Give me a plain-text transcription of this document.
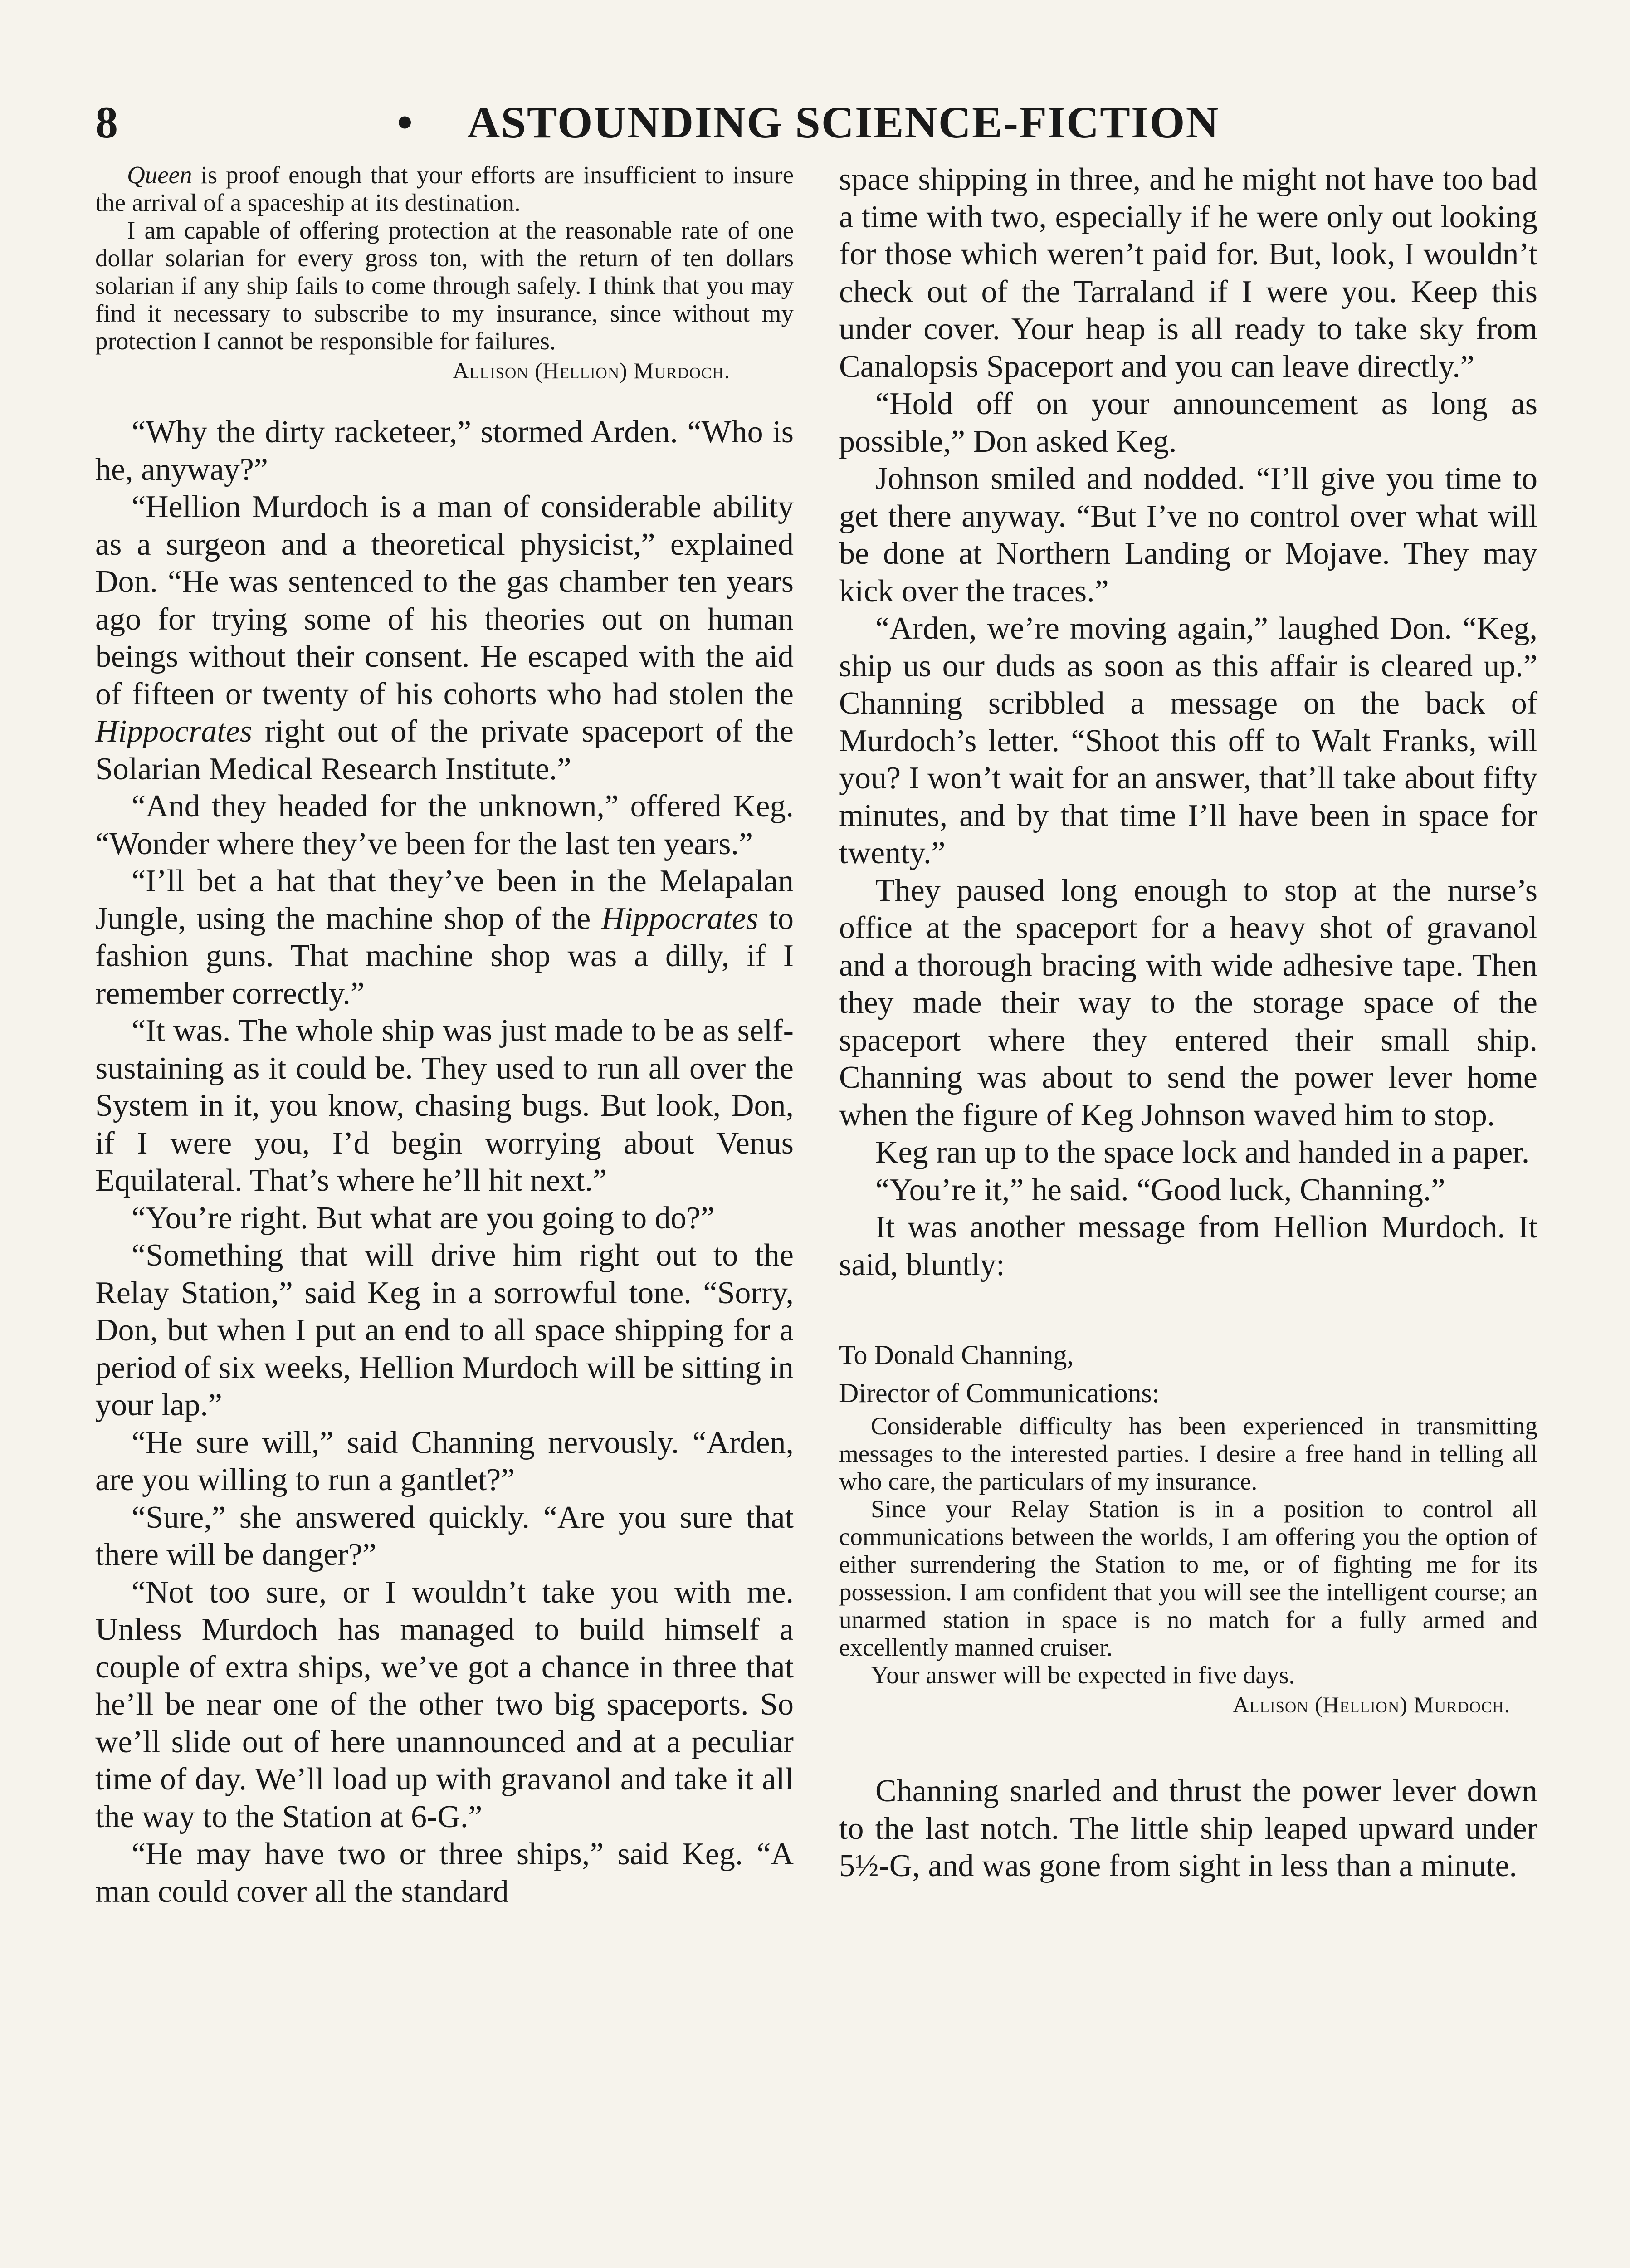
8	• ASTOUNDING SCIENCE-FICTION

Queen is proof enough that your efforts are insufficient to insure the arrival of a spaceship at its destination.

I am capable of offering protection at the reasonable rate of one dollar solarian for every gross ton, with the return of ten dollars solarian if any ship fails to come through safely. I think that you may find it necessary to subscribe to my insurance, since without my protection I cannot be responsible for failures.

Allison (Hellion) Murdoch.

“Why the dirty racketeer,” stormed Arden. “Who is he, anyway?”

“Hellion Murdoch is a man of considerable ability as a surgeon and a theoretical physicist,” explained Don. “He was sentenced to the gas chamber ten years ago for trying some of his theories out on human beings without their consent. He escaped with the aid of fifteen or twenty of his cohorts who had stolen the Hippocrates right out of the private spaceport of the Solarian Medical Research Institute.”

“And they headed for the unknown,” offered Keg. “Wonder where they’ve been for the last ten years.”

“I’ll bet a hat that they’ve been in the Melapalan Jungle, using the machine shop of the Hippocrates to fashion guns. That machine shop was a dilly, if I remember correctly.”

“It was. The whole ship was just made to be as self-sustaining as it could be. They used to run all over the System in it, you know, chasing bugs. But look, Don, if I were you, I’d begin worrying about Venus Equilateral. That’s where he’ll hit next.”

“You’re right. But what are you going to do?”

“Something that will drive him right out to the Relay Station,” said Keg in a sorrowful tone. “Sorry, Don, but when I put an end to all space shipping for a period of six weeks, Hellion Murdoch will be sitting in your lap.”

“He sure will,” said Channing nervously. “Arden, are you willing to run a gantlet?”

“Sure,” she answered quickly. “Are you sure that there will be danger?”

“Not too sure, or I wouldn’t take you with me. Unless Murdoch has managed to build himself a couple of extra ships, we’ve got a chance in three that he’ll be near one of the other two big spaceports. So we’ll slide out of here unannounced and at a peculiar time of day. We’ll load up with gravanol and take it all the way to the Station at 6-G.”

“He may have two or three ships,” said Keg. “A man could cover all the standard

space shipping in three, and he might not have too bad a time with two, especially if he were only out looking for those which weren’t paid for. But, look, I wouldn’t check out of the Tarraland if I were you. Keep this under cover. Your heap is all ready to take sky from Canalopsis Spaceport and you can leave directly.”

“Hold off on your announcement as long as possible,” Don asked Keg.

Johnson smiled and nodded. “I’ll give you time to get there anyway. “But I’ve no control over what will be done at Northern Landing or Mojave. They may kick over the traces.”

“Arden, we’re moving again,” laughed Don. “Keg, ship us our duds as soon as this affair is cleared up.” Channing scribbled a message on the back of Murdoch’s letter. “Shoot this off to Walt Franks, will you? I won’t wait for an answer, that’ll take about fifty minutes, and by that time I’ll have been in space for twenty.”

They paused long enough to stop at the nurse’s office at the spaceport for a heavy shot of gravanol and a thorough bracing with wide adhesive tape. Then they made their way to the storage space of the spaceport where they entered their small ship. Channing was about to send the power lever home when the figure of Keg Johnson waved him to stop.

Keg ran up to the space lock and handed in a paper.

“You’re it,” he said. “Good luck, Channing.”

It was another message from Hellion Murdoch. It said, bluntly:

To Donald Channing,

Director of Communications:

Considerable difficulty has been experienced in transmitting messages to the interested parties. I desire a free hand in telling all who care, the particulars of my insurance.

Since your Relay Station is in a position to control all communications between the worlds, I am offering you the option of either surrendering the Station to me, or of fighting me for its possession. I am confident that you will see the intelligent course; an unarmed station in space is no match for a fully armed and excellently manned cruiser.

Your answer will be expected in five days.

Allison (Hellion) Murdoch.

Channing snarled and thrust the power lever down to the last notch. The little ship leaped upward under 5½-G, and was gone from sight in less than a minute.
